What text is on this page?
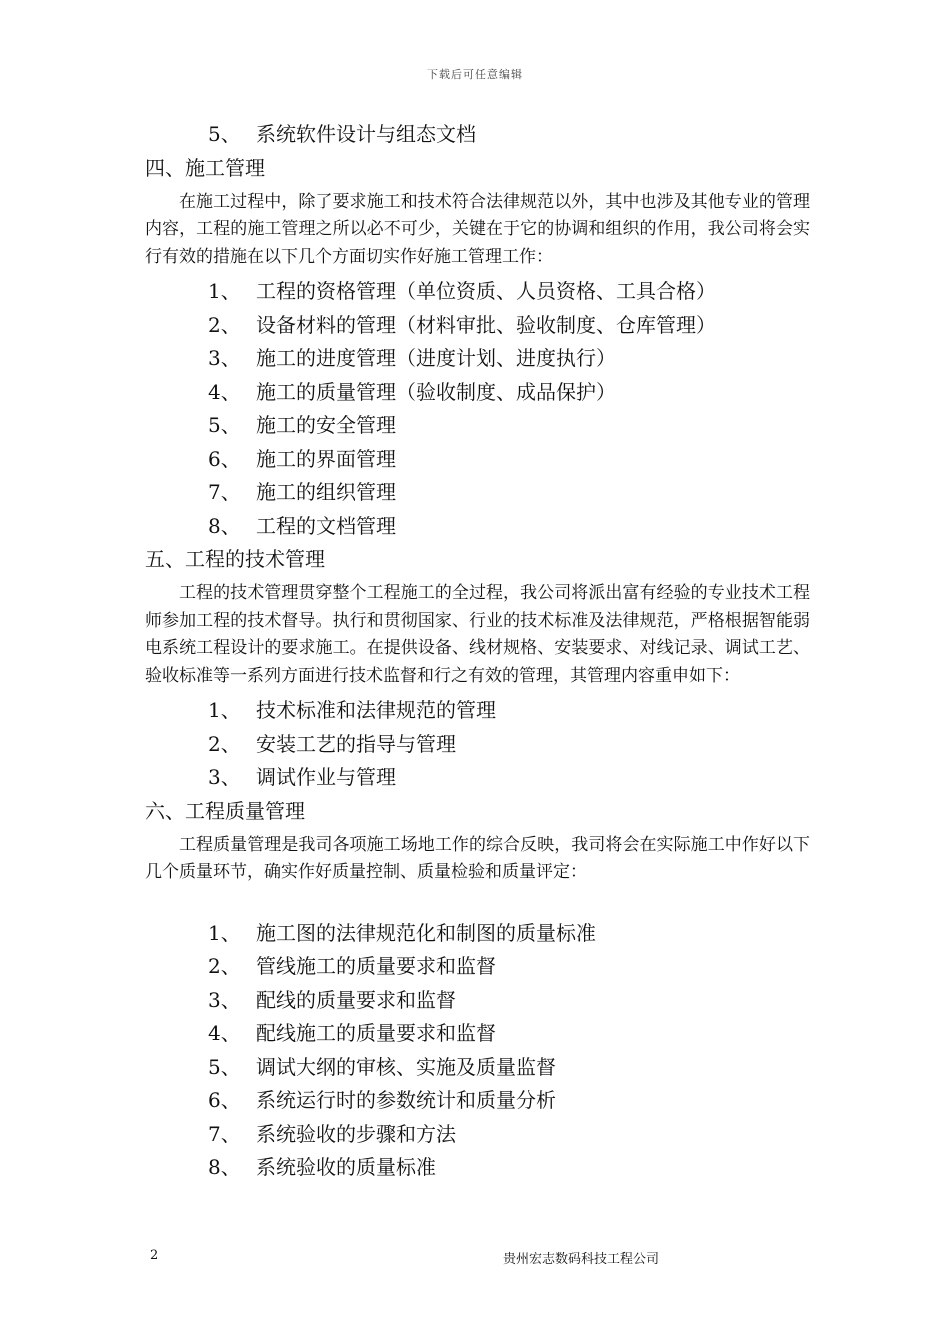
下载后可任意编辑
5、 系统软件设计与组态文档
四、施工管理
在施工过程中，除了要求施工和技术符合法律规范以外，其中也涉及其他专业的管理内容，工程的施工管理之所以必不可少，关键在于它的协调和组织的作用，我公司将会实行有效的措施在以下几个方面切实作好施工管理工作：
1、 工程的资格管理（单位资质、人员资格、工具合格）
2、 设备材料的管理（材料审批、验收制度、仓库管理）
3、 施工的进度管理（进度计划、进度执行）
4、 施工的质量管理（验收制度、成品保护）
5、 施工的安全管理
6、 施工的界面管理
7、 施工的组织管理
8、 工程的文档管理
五、工程的技术管理
工程的技术管理贯穿整个工程施工的全过程，我公司将派出富有经验的专业技术工程师参加工程的技术督导。执行和贯彻国家、行业的技术标准及法律规范，严格根据智能弱电系统工程设计的要求施工。在提供设备、线材规格、安装要求、对线记录、调试工艺、验收标准等一系列方面进行技术监督和行之有效的管理，其管理内容重申如下：
1、 技术标准和法律规范的管理
2、 安装工艺的指导与管理
3、 调试作业与管理
六、工程质量管理
工程质量管理是我司各项施工场地工作的综合反映，我司将会在实际施工中作好以下几个质量环节，确实作好质量控制、质量检验和质量评定：
1、 施工图的法律规范化和制图的质量标准
2、 管线施工的质量要求和监督
3、 配线的质量要求和监督
4、 配线施工的质量要求和监督
5、 调试大纲的审核、实施及质量监督
6、 系统运行时的参数统计和质量分析
7、 系统验收的步骤和方法
8、 系统验收的质量标准
2	贵州宏志数码科技工程公司
